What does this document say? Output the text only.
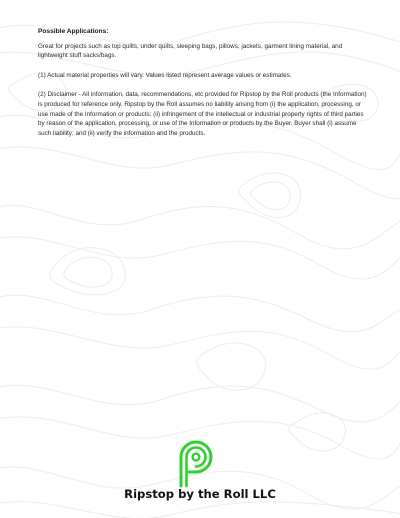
Possible Applications:

Great for projects such as top quilts, under quilts, sleeping bags, pillows, jackets, garment lining material, and lightweight stuff sacks/bags.

(1) Actual material properties will vary. Values listed represent average values or estimates.

(2) Disclaimer - All information, data, recommendations, etc provided for Ripstop by the Roll products (the Information) is produced for reference only. Ripstop by the Roll assumes no liability arising from (i) the application, processing, or use made of the Information or products; (ii) infringement of the intellectual or industrial property rights of third parties by reason of the application, processing, or use of the Information or products by the Buyer. Buyer shall (i) assume such liability; and (ii) verify the information and the products.

Ripstop by the Roll LLC
